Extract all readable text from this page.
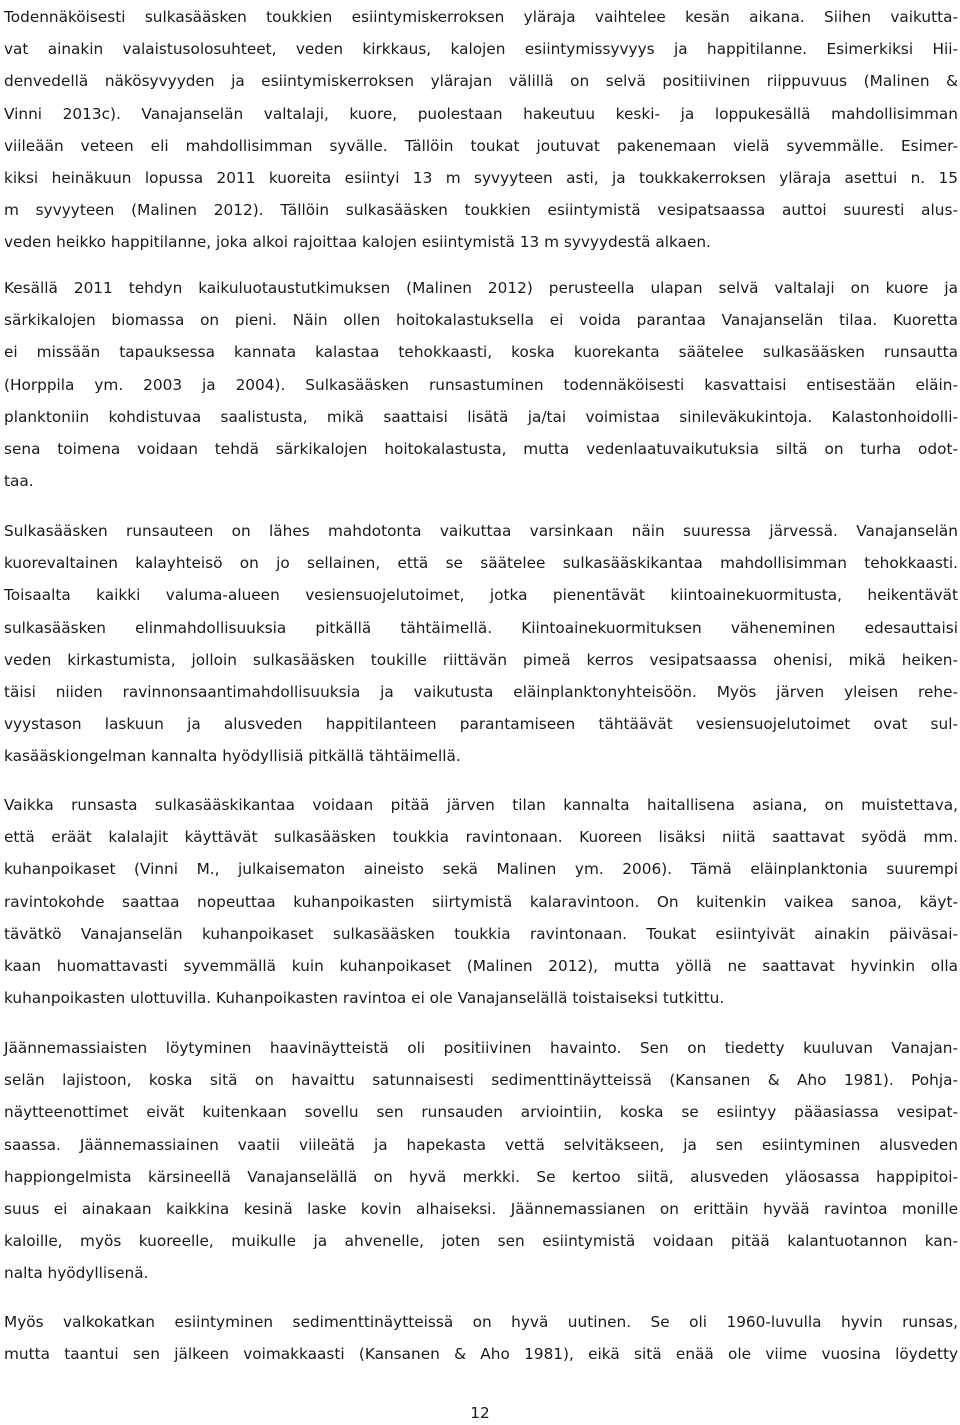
Todennäköisesti sulkasääsken toukkien esiintymiskerroksen yläraja vaihtelee kesän aikana. Siihen vaikutta-
vat ainakin valaistusolosuhteet, veden kirkkaus, kalojen esiintymissyvyys ja happitilanne. Esimerkiksi Hii-
denvedellä näkösyvyyden ja esiintymiskerroksen ylärajan välillä on selvä positiivinen riippuvuus (Malinen &
Vinni 2013c). Vanajanselän valtalaji, kuore, puolestaan hakeutuu keski- ja loppukesällä mahdollisimman
viileään veteen eli mahdollisimman syvälle. Tällöin toukat joutuvat pakenemaan vielä syvemmälle. Esimer-
kiksi heinäkuun lopussa 2011 kuoreita esiintyi 13 m syvyyteen asti, ja toukkakerroksen yläraja asettui n. 15
m syvyyteen (Malinen 2012). Tällöin sulkasääsken toukkien esiintymistä vesipatsaassa auttoi suuresti alus-
veden heikko happitilanne, joka alkoi rajoittaa kalojen esiintymistä 13 m syvyydestä alkaen.
Kesällä 2011 tehdyn kaikuluotaustutkimuksen (Malinen 2012) perusteella ulapan selvä valtalaji on kuore ja
särkikalojen biomassa on pieni. Näin ollen hoitokalastuksella ei voida parantaa Vanajanselän tilaa. Kuoretta
ei missään tapauksessa kannata kalastaa tehokkaasti, koska kuorekanta säätelee sulkasääsken runsautta
(Horppila ym. 2003 ja 2004). Sulkasääsken runsastuminen todennäköisesti kasvattaisi entisestään eläin-
planktoniin kohdistuvaa saalistusta, mikä saattaisi lisätä ja/tai voimistaa sinileväkukintoja. Kalastonhoidolli-
sena toimena voidaan tehdä särkikalojen hoitokalastusta, mutta vedenlaatuvaikutuksia siltä on turha odot-
taa.
Sulkasääsken runsauteen on lähes mahdotonta vaikuttaa varsinkaan näin suuressa järvessä. Vanajanselän
kuorevaltainen kalayhteisö on jo sellainen, että se säätelee sulkasääskikantaa mahdollisimman tehokkaasti.
Toisaalta kaikki valuma-alueen vesiensuojelutoimet, jotka pienentävät kiintoainekuormitusta, heikentävät
sulkasääsken elinmahdollisuuksia pitkällä tähtäimellä. Kiintoainekuormituksen väheneminen edesauttaisi
veden kirkastumista, jolloin sulkasääsken toukille riittävän pimeä kerros vesipatsaassa ohenisi, mikä heiken-
täisi niiden ravinnonsaantimahdollisuuksia ja vaikutusta eläinplanktonyhteisöön. Myös järven yleisen rehe-
vyystason laskuun ja alusveden happitilanteen parantamiseen tähtäävät vesiensuojelutoimet ovat sul-
kasääskiongelman kannalta hyödyllisiä pitkällä tähtäimellä.
Vaikka runsasta sulkasääskikantaa voidaan pitää järven tilan kannalta haitallisena asiana, on muistettava,
että eräät kalalajit käyttävät sulkasääsken toukkia ravintonaan. Kuoreen lisäksi niitä saattavat syödä mm.
kuhanpoikaset (Vinni M., julkaisematon aineisto sekä Malinen ym. 2006). Tämä eläinplanktonia suurempi
ravintokohde saattaa nopeuttaa kuhanpoikasten siirtymistä kalaravintoon. On kuitenkin vaikea sanoa, käyt-
tävätkö Vanajanselän kuhanpoikaset sulkasääsken toukkia ravintonaan. Toukat esiintyivät ainakin päiväsai-
kaan huomattavasti syvemmällä kuin kuhanpoikaset (Malinen 2012), mutta yöllä ne saattavat hyvinkin olla
kuhanpoikasten ulottuvilla. Kuhanpoikasten ravintoa ei ole Vanajanselällä toistaiseksi tutkittu.
Jäännemassiaisten löytyminen haavinäytteistä oli positiivinen havainto. Sen on tiedetty kuuluvan Vanajan-
selän lajistoon, koska sitä on havaittu satunnaisesti sedimenttinäytteissä (Kansanen & Aho 1981). Pohja-
näytteenottimet eivät kuitenkaan sovellu sen runsauden arviointiin, koska se esiintyy pääasiassa vesipat-
saassa. Jäännemassiainen vaatii viileätä ja hapekasta vettä selvitäkseen, ja sen esiintyminen alusveden
happiongelmista kärsineellä Vanajanselällä on hyvä merkki. Se kertoo siitä, alusveden yläosassa happipitoi-
suus ei ainakaan kaikkina kesinä laske kovin alhaiseksi. Jäännemassianen on erittäin hyvää ravintoa monille
kaloille, myös kuoreelle, muikulle ja ahvenelle, joten sen esiintymistä voidaan pitää kalantuotannon kan-
nalta hyödyllisenä.
Myös valkokatkan esiintyminen sedimenttinäytteissä on hyvä uutinen. Se oli 1960-luvulla hyvin runsas,
mutta taantui sen jälkeen voimakkaasti (Kansanen & Aho 1981), eikä sitä enää ole viime vuosina löydetty
12
